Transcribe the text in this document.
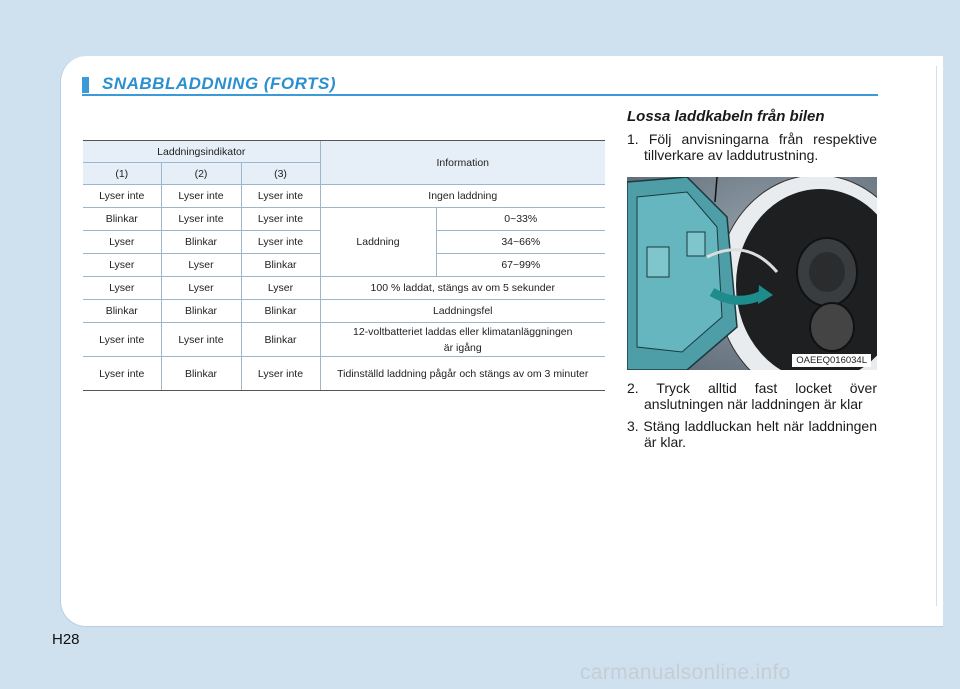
SNABBLADDNING (FORTS)
Laddningsindikator			Information	
(1)	(2)	(3)		
Lyser inte	Lyser inte	Lyser inte	Ingen laddning	
Blinkar	Lyser inte	Lyser inte	Laddning	0~33%
Lyser	Blinkar	Lyser inte		34~66%
Lyser	Lyser	Blinkar		67~99%
Lyser	Lyser	Lyser	100 % laddat, stängs av om 5 sekunder	
Blinkar	Blinkar	Blinkar	Laddningsfel	
Lyser inte	Lyser inte	Blinkar	12-voltbatteriet laddas eller klimatanläggningen
är igång	
Lyser inte	Blinkar	Lyser inte	Tidinställd laddning pågår och stängs av om 3 minuter	

Lossa laddkabeln från bilen

1. Följ anvisningarna från respektive tillverkare av laddutrustning.

OAEEQ016034L

2. Tryck alltid fast locket över anslutningen när laddningen är klar

3. Stäng laddluckan helt när laddningen är klar.

H28
carmanualsonline.info
